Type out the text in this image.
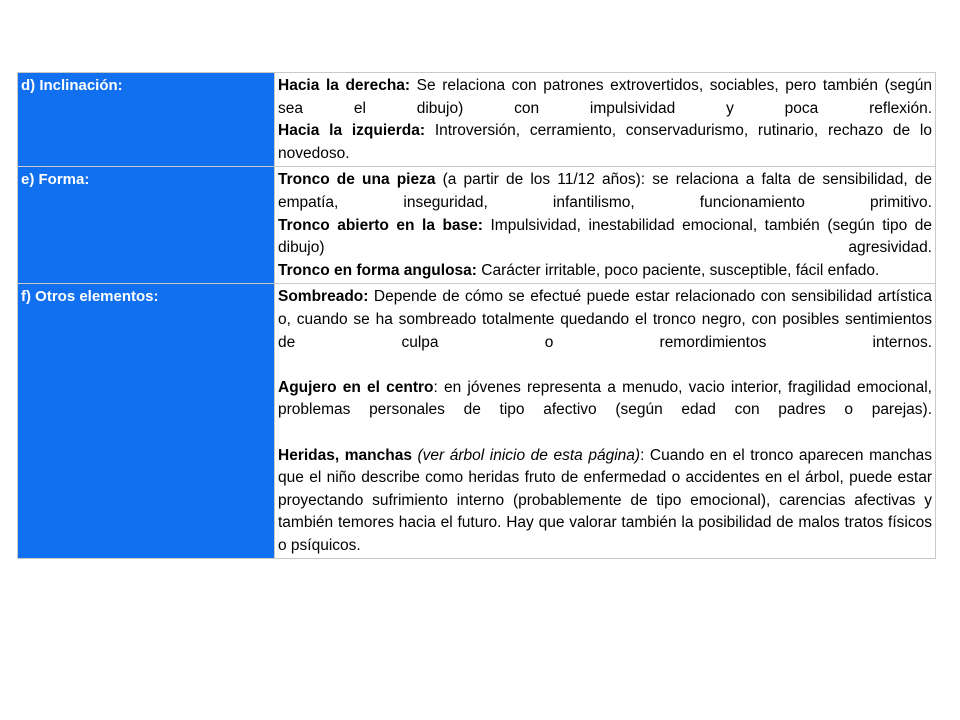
d) Inclinación:	Hacia la derecha: Se relaciona con patrones extrovertidos, sociables, pero también (según sea el dibujo) con impulsividad y poca reflexión.

Hacia la izquierda: Introversión, cerramiento, conservadurismo, rutinario, rechazo de lo novedoso.

e) Forma:	Tronco de una pieza (a partir de los 11/12 años): se relaciona a falta de sensibilidad, de empatía, inseguridad, infantilismo, funcionamiento primitivo.

Tronco abierto en la base: Impulsividad, inestabilidad emocional, también (según tipo de dibujo) agresividad.

Tronco en forma angulosa: Carácter irritable, poco paciente, susceptible, fácil enfado.

f) Otros elementos:	Sombreado: Depende de cómo se efectué puede estar relacionado con sensibilidad artística o, cuando se ha sombreado totalmente quedando el tronco negro, con posibles sentimientos de culpa o remordimientos internos.

Agujero en el centro: en jóvenes representa a menudo, vacio interior, fragilidad emocional, problemas personales de tipo afectivo (según edad con padres o parejas).

Heridas, manchas (ver árbol inicio de esta página): Cuando en el tronco aparecen manchas que el niño describe como heridas fruto de enfermedad o accidentes en el árbol, puede estar proyectando sufrimiento interno (probablemente de tipo emocional), carencias afectivas y también temores hacia el futuro. Hay que valorar también la posibilidad de malos tratos físicos o psíquicos.
